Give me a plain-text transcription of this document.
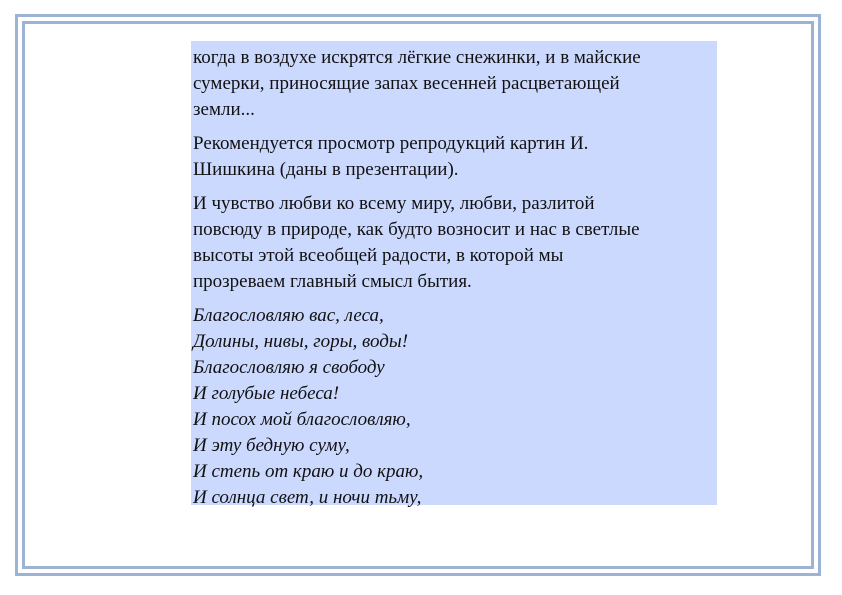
когда в воздухе искрятся лёгкие снежинки, и в майские
сумерки, приносящие запах весенней расцветающей
земли...

Рекомендуется просмотр репродукций картин И.
Шишкина (даны в презентации).

И чувство любви ко всему миру, любви, разлитой
повсюду в природе, как будто возносит и нас в светлые
высоты этой всеобщей радости, в которой мы
прозреваем главный смысл бытия.

Благословляю вас, леса,
Долины, нивы, горы, воды!
Благословляю я свободу
И голубые небеса!
И посох мой благословляю,
И эту бедную суму,
И степь от краю и до краю,
И солнца свет, и ночи тьму,
